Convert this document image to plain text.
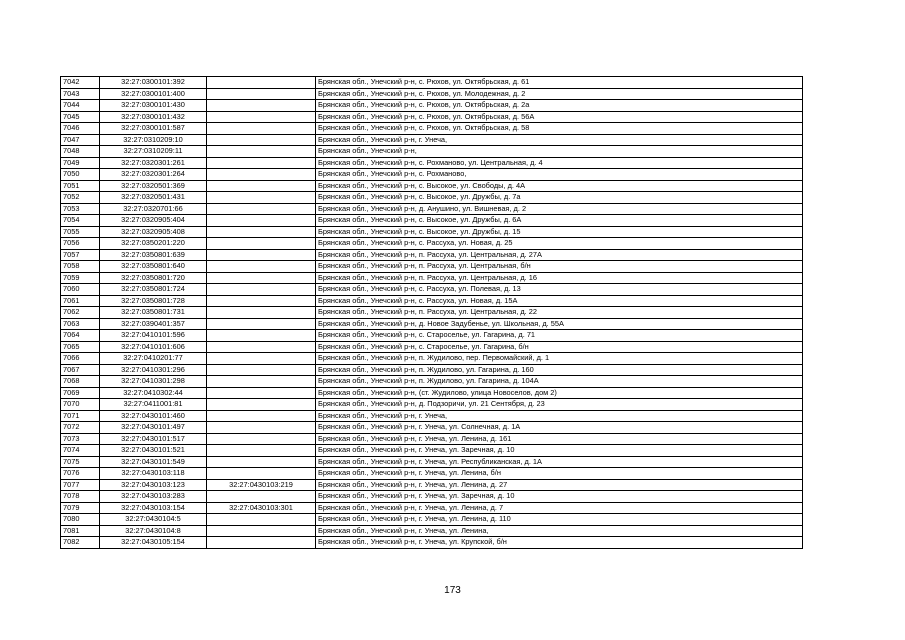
7042	32:27:0300101:392		Брянская обл., Унечский р-н, с. Рюхов, ул. Октябрьская, д. 61
7043	32:27:0300101:400		Брянская обл., Унечский р-н, с. Рюхов, ул. Молодежная, д. 2
7044	32:27:0300101:430		Брянская обл., Унечский р-н, с. Рюхов, ул. Октябрьская, д. 2а
7045	32:27:0300101:432		Брянская обл., Унечский р-н, с. Рюхов, ул. Октябрьская, д. 56А
7046	32:27:0300101:587		Брянская обл., Унечский р-н, с. Рюхов, ул. Октябрьская, д. 58
7047	32:27:0310209:10		Брянская обл., Унечский р-н, г. Унеча,
7048	32:27:0310209:11		Брянская обл., Унечский р-н,
7049	32:27:0320301:261		Брянская обл., Унечский р-н, с. Рохманово, ул. Центральная, д. 4
7050	32:27:0320301:264		Брянская обл., Унечский р-н, с. Рохманово,
7051	32:27:0320501:369		Брянская обл., Унечский р-н, с. Высокое, ул. Свободы, д. 4А
7052	32:27:0320501:431		Брянская обл., Унечский р-н, с. Высокое, ул. Дружбы, д. 7а
7053	32:27:0320701:66		Брянская обл., Унечский р-н, д. Анушино, ул. Вишневая, д. 2
7054	32:27:0320905:404		Брянская обл., Унечский р-н, с. Высокое, ул. Дружбы, д. 6А
7055	32:27:0320905:408		Брянская обл., Унечский р-н, с. Высокое, ул. Дружбы, д. 15
7056	32:27:0350201:220		Брянская обл., Унечский р-н, с. Рассуха, ул. Новая, д. 25
7057	32:27:0350801:639		Брянская обл., Унечский р-н, п. Рассуха, ул. Центральная, д. 27А
7058	32:27:0350801:640		Брянская обл., Унечский р-н, п. Рассуха, ул. Центральная, б/н
7059	32:27:0350801:720		Брянская обл., Унечский р-н, п. Рассуха, ул. Центральная, д. 16
7060	32:27:0350801:724		Брянская обл., Унечский р-н, с. Рассуха, ул. Полевая, д. 13
7061	32:27:0350801:728		Брянская обл., Унечский р-н, с. Рассуха, ул. Новая, д. 15А
7062	32:27:0350801:731		Брянская обл., Унечский р-н, п. Рассуха, ул. Центральная, д. 22
7063	32:27:0390401:357		Брянская обл., Унечский р-н, д. Новое Задубенье, ул. Школьная, д. 55А
7064	32:27:0410101:596		Брянская обл., Унечский р-н, с. Староселье, ул. Гагарина, д. 71
7065	32:27:0410101:606		Брянская обл., Унечский р-н, с. Староселье, ул. Гагарина, б/н
7066	32:27:0410201:77		Брянская обл., Унечский р-н, п. Жудилово, пер. Первомайский, д. 1
7067	32:27:0410301:296		Брянская обл., Унечский р-н, п. Жудилово, ул. Гагарина, д. 160
7068	32:27:0410301:298		Брянская обл., Унечский р-н, п. Жудилово, ул. Гагарина, д. 104А
7069	32:27:0410302:44		Брянская обл., Унечский р-н, (ст. Жудилово, улица Новоселов, дом 2)
7070	32:27:0411001:81		Брянская обл., Унечский р-н, д. Подзоричи, ул. 21 Сентября, д. 23
7071	32:27:0430101:460		Брянская обл., Унечский р-н, г. Унеча,
7072	32:27:0430101:497		Брянская обл., Унечский р-н, г. Унеча, ул. Солнечная, д. 1А
7073	32:27:0430101:517		Брянская обл., Унечский р-н, г. Унеча, ул. Ленина, д. 161
7074	32:27:0430101:521		Брянская обл., Унечский р-н, г. Унеча, ул. Заречная, д. 10
7075	32:27:0430101:549		Брянская обл., Унечский р-н, г. Унеча, ул. Республиканская, д. 1А
7076	32:27:0430103:118		Брянская обл., Унечский р-н, г. Унеча, ул. Ленина, б/н
7077	32:27:0430103:123	32:27:0430103:219	Брянская обл., Унечский р-н, г. Унеча, ул. Ленина, д. 27
7078	32:27:0430103:283		Брянская обл., Унечский р-н, г. Унеча, ул. Заречная, д. 10
7079	32:27:0430103:154	32:27:0430103:301	Брянская обл., Унечский р-н, г. Унеча, ул. Ленина, д. 7
7080	32:27:0430104:5		Брянская обл., Унечский р-н, г. Унеча, ул. Ленина, д. 110
7081	32:27:0430104:8		Брянская обл., Унечский р-н, г. Унеча, ул. Ленина,
7082	32:27:0430105:154		Брянская обл., Унечский р-н, г. Унеча, ул. Крупской, б/н
173
